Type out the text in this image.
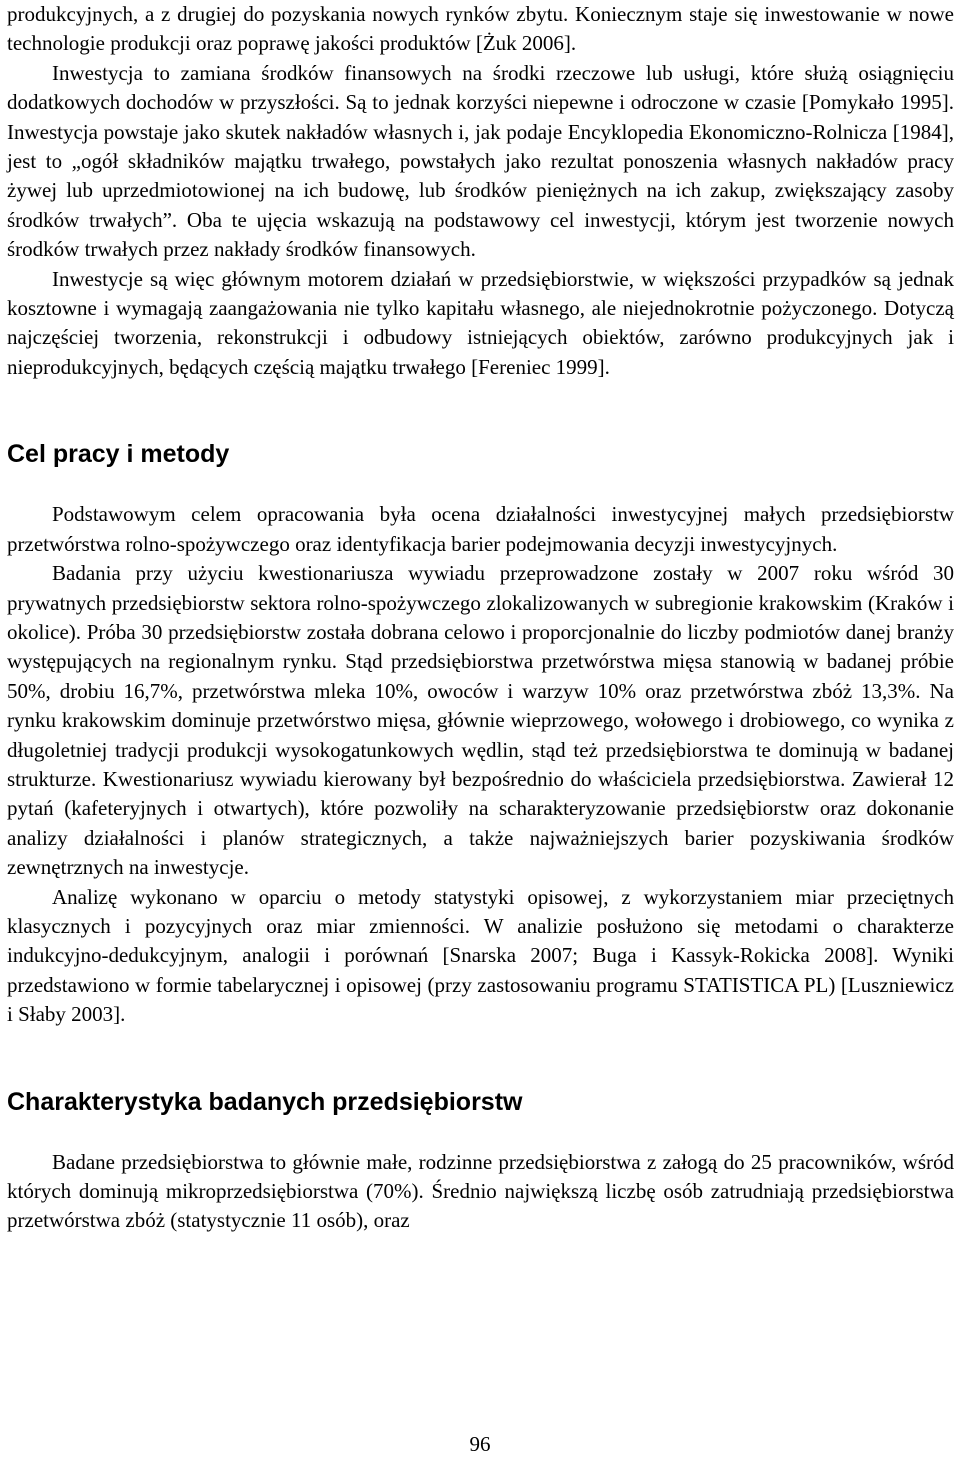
produkcyjnych, a z drugiej do pozyskania nowych rynków zbytu. Koniecznym staje się inwestowanie w nowe technologie produkcji oraz poprawę jakości produktów [Żuk 2006].

Inwestycja to zamiana środków finansowych na środki rzeczowe lub usługi, które służą osiągnięciu dodatkowych dochodów w przyszłości. Są to jednak korzyści niepewne i odroczone w czasie [Pomykało 1995]. Inwestycja powstaje jako skutek nakładów własnych i, jak podaje Encyklopedia Ekonomiczno-Rolnicza [1984], jest to „ogół składników majątku trwałego, powstałych jako rezultat ponoszenia własnych nakładów pracy żywej lub uprzedmiotowionej na ich budowę, lub środków pieniężnych na ich zakup, zwiększający zasoby środków trwałych”. Oba te ujęcia wskazują na podstawowy cel inwestycji, którym jest tworzenie nowych środków trwałych przez nakłady środków finansowych.

Inwestycje są więc głównym motorem działań w przedsiębiorstwie, w większości przypadków są jednak kosztowne i wymagają zaangażowania nie tylko kapitału własnego, ale niejednokrotnie pożyczonego. Dotyczą najczęściej tworzenia, rekonstrukcji i odbudowy istniejących obiektów, zarówno produkcyjnych jak i nieprodukcyjnych, będących częścią majątku trwałego [Fereniec 1999].

Cel pracy i metody

Podstawowym celem opracowania była ocena działalności inwestycyjnej małych przedsiębiorstw przetwórstwa rolno-spożywczego oraz identyfikacja barier podejmowania decyzji inwestycyjnych.

Badania przy użyciu kwestionariusza wywiadu przeprowadzone zostały w 2007 roku wśród 30 prywatnych przedsiębiorstw sektora rolno-spożywczego zlokalizowanych w subregionie krakowskim (Kraków i okolice). Próba 30 przedsiębiorstw została dobrana celowo i proporcjonalnie do liczby podmiotów danej branży występujących na regionalnym rynku. Stąd przedsiębiorstwa przetwórstwa mięsa stanowią w badanej próbie 50%, drobiu 16,7%, przetwórstwa mleka 10%, owoców i warzyw 10% oraz przetwórstwa zbóż 13,3%. Na rynku krakowskim dominuje przetwórstwo mięsa, głównie wieprzowego, wołowego i drobiowego, co wynika z długoletniej tradycji produkcji wysokogatunkowych wędlin, stąd też przedsiębiorstwa te dominują w badanej strukturze. Kwestionariusz wywiadu kierowany był bezpośrednio do właściciela przedsiębiorstwa. Zawierał 12 pytań (kafeteryjnych i otwartych), które pozwoliły na scharakteryzowanie przedsiębiorstw oraz dokonanie analizy działalności i planów strategicznych, a także najważniejszych barier pozyskiwania środków zewnętrznych na inwestycje.

Analizę wykonano w oparciu o metody statystyki opisowej, z wykorzystaniem miar przeciętnych klasycznych i pozycyjnych oraz miar zmienności. W analizie posłużono się metodami o charakterze indukcyjno-dedukcyjnym, analogii i porównań [Snarska 2007; Buga i Kassyk-Rokicka 2008]. Wyniki przedstawiono w formie tabelarycznej i opisowej (przy zastosowaniu programu STATISTICA PL) [Luszniewicz i Słaby 2003].

Charakterystyka badanych przedsiębiorstw

Badane przedsiębiorstwa to głównie małe, rodzinne przedsiębiorstwa z załogą do 25 pracowników, wśród których dominują mikroprzedsiębiorstwa (70%). Średnio największą liczbę osób zatrudniają przedsiębiorstwa przetwórstwa zbóż (statystycznie 11 osób), oraz

96
